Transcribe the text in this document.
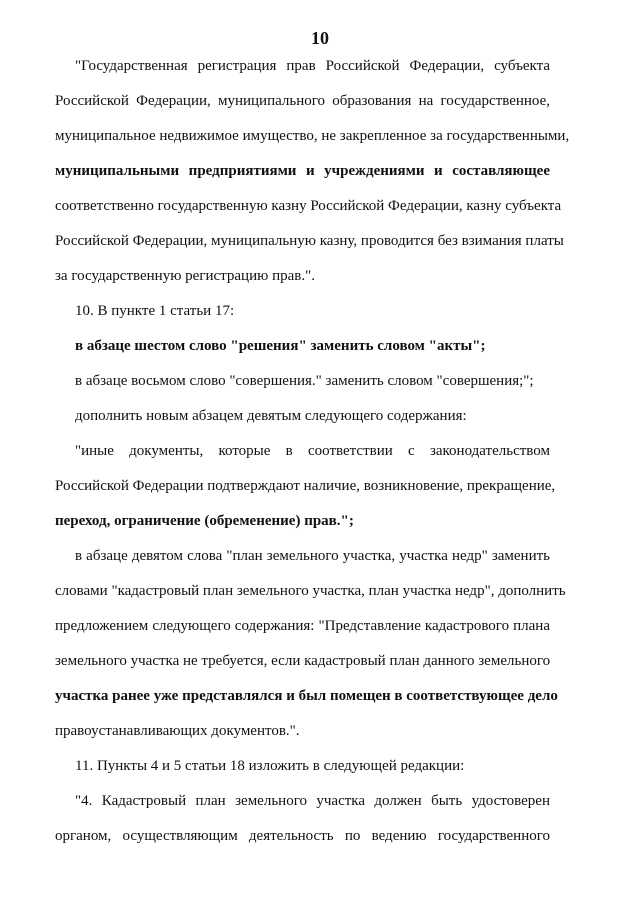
10
"Государственная регистрация прав Российской Федерации, субъекта
Российской Федерации, муниципального образования на государственное,
муниципальное недвижимое имущество, не закрепленное за государственными,
муниципальными предприятиями и учреждениями и составляющее
соответственно государственную казну Российской Федерации, казну субъекта
Российской Федерации, муниципальную казну, проводится без взимания платы
за государственную регистрацию прав.".
10. В пункте 1 статьи 17:
в абзаце шестом слово "решения" заменить словом "акты";
в абзаце восьмом слово "совершения." заменить словом "совершения;";
дополнить новым абзацем девятым следующего содержания:
"иные документы, которые в соответствии с законодательством
Российской Федерации подтверждают наличие, возникновение, прекращение,
переход, ограничение (обременение) прав.";
в абзаце девятом слова "план земельного участка, участка недр" заменить
словами "кадастровый план земельного участка, план участка недр", дополнить
предложением следующего содержания: "Представление кадастрового плана
земельного участка не требуется, если кадастровый план данного земельного
участка ранее уже представлялся и был помещен в соответствующее дело
правоустанавливающих документов.".
11. Пункты 4 и 5 статьи 18 изложить в следующей редакции:
"4. Кадастровый план земельного участка должен быть удостоверен
органом, осуществляющим деятельность по ведению государственного
